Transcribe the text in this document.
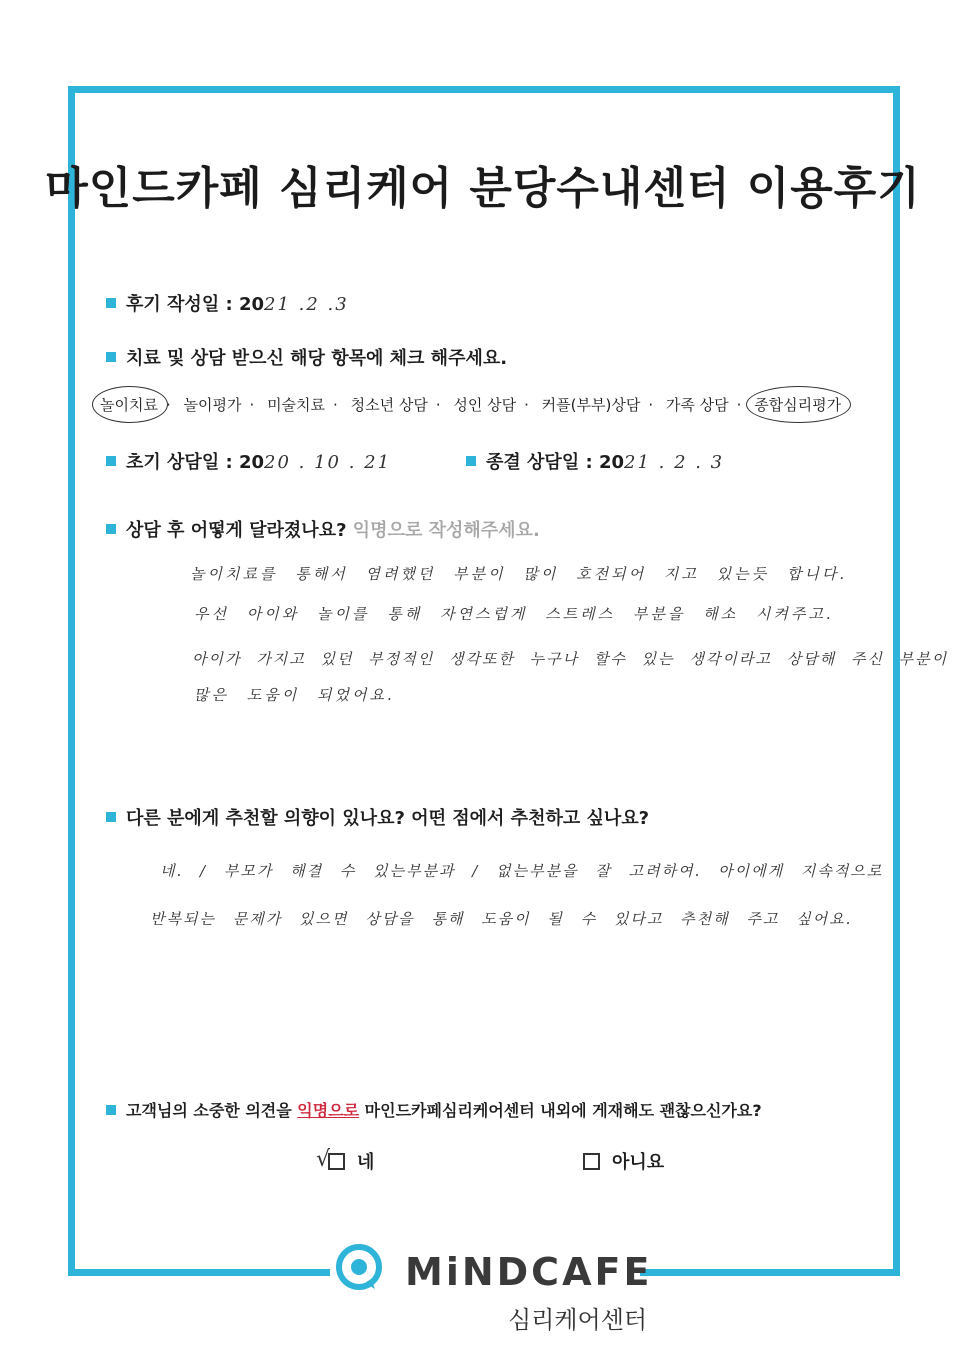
마인드카페 심리케어 분당수내센터 이용후기
후기 작성일 : 2021 .2 .3
치료 및 상담 받으신 해당 항목에 체크 해주세요.
놀이치료 · 놀이평가 · 미술치료 · 청소년 상담 · 성인 상담 · 커플(부부)상담 · 가족 상담 · 종합심리평가
초기 상담일 : 2020 . 10 . 21	종결 상담일 : 2021 . 2 . 3
상담 후 어떻게 달라졌나요? 익명으로 작성해주세요.
놀이치료를 통해서 염려했던 부분이 많이 호전되어 지고 있는듯 합니다.
우선 아이와 놀이를 통해 자연스럽게 스트레스 부분을 해소 시켜주고.
아이가 가지고 있던 부정적인 생각또한 누구나 할수 있는 생각이라고 상담해 주신 부분이
많은 도움이 되었어요.
다른 분에게 추천할 의향이 있나요? 어떤 점에서 추천하고 싶나요?
네. / 부모가 해결 수 있는부분과 / 없는부분을 잘 고려하여. 아이에게 지속적으로
반복되는 문제가 있으면 상담을 통해 도움이 될 수 있다고 추천해 주고 싶어요.
고객님의 소중한 의견을 익명으로 마인드카페심리케어센터 내외에 게재해도 괜찮으신가요?
√ 네	아니요
MiNDCAFE
심리케어센터
